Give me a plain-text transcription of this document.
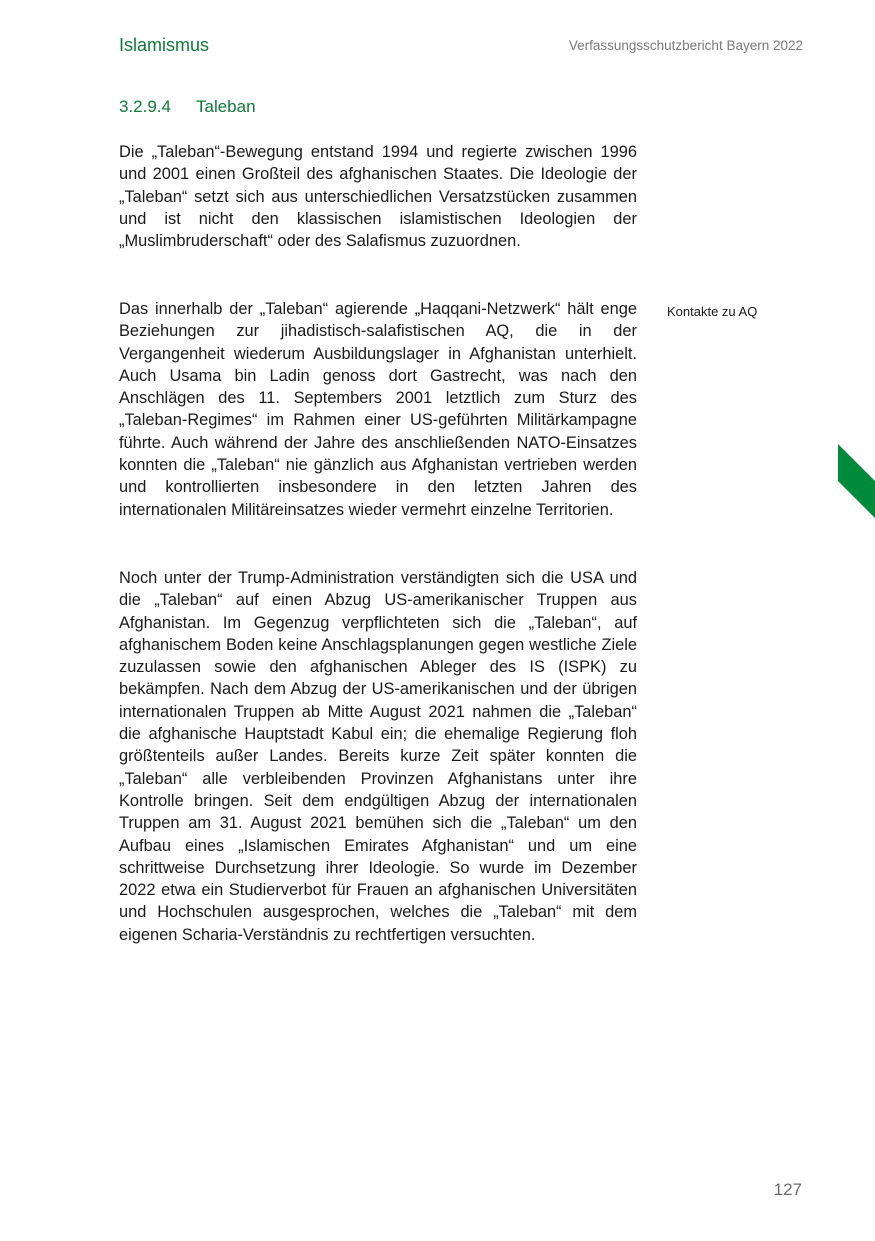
Islamismus	Verfassungsschutzbericht Bayern 2022
3.2.9.4 Taleban

Die „Taleban“-Bewegung entstand 1994 und regierte zwischen 1996 und 2001 einen Großteil des afghanischen Staates. Die Ideologie der „Taleban“ setzt sich aus unterschiedlichen Versatzstücken zusammen und ist nicht den klassischen islamistischen Ideologien der „Muslimbruderschaft“ oder des Salafismus zuzuordnen.

Das innerhalb der „Taleban“ agierende „Haqqani-Netzwerk“ hält enge Beziehungen zur jihadistisch-salafistischen AQ, die in der Vergangenheit wiederum Ausbildungslager in Afghanistan unterhielt. Auch Usama bin Ladin genoss dort Gastrecht, was nach den Anschlägen des 11. Septembers 2001 letztlich zum Sturz des „Taleban-Regimes“ im Rahmen einer US-geführten Militärkampagne führte. Auch während der Jahre des anschließenden NATO-Einsatzes konnten die „Taleban“ nie gänzlich aus Afghanistan vertrieben werden und kontrollierten insbesondere in den letzten Jahren des internationalen Militäreinsatzes wieder vermehrt einzelne Territorien.

Noch unter der Trump-Administration verständigten sich die USA und die „Taleban“ auf einen Abzug US-amerikanischer Truppen aus Afghanistan. Im Gegenzug verpflichteten sich die „Taleban“, auf afghanischem Boden keine Anschlagsplanungen gegen westliche Ziele zuzulassen sowie den afghanischen Ableger des IS (ISPK) zu bekämpfen. Nach dem Abzug der US-amerikanischen und der übrigen internationalen Truppen ab Mitte August 2021 nahmen die „Taleban“ die afghanische Hauptstadt Kabul ein; die ehemalige Regierung floh größtenteils außer Landes. Bereits kurze Zeit später konnten die „Taleban“ alle verbleibenden Provinzen Afghanistans unter ihre Kontrolle bringen. Seit dem endgültigen Abzug der internationalen Truppen am 31. August 2021 bemühen sich die „Taleban“ um den Aufbau eines „Islamischen Emirates Afghanistan“ und um eine schrittweise Durchsetzung ihrer Ideologie. So wurde im Dezember 2022 etwa ein Studierverbot für Frauen an afghanischen Universitäten und Hochschulen ausgesprochen, welches die „Taleban“ mit dem eigenen Scharia-Verständnis zu rechtfertigen versuchten.

Kontakte zu AQ
127
